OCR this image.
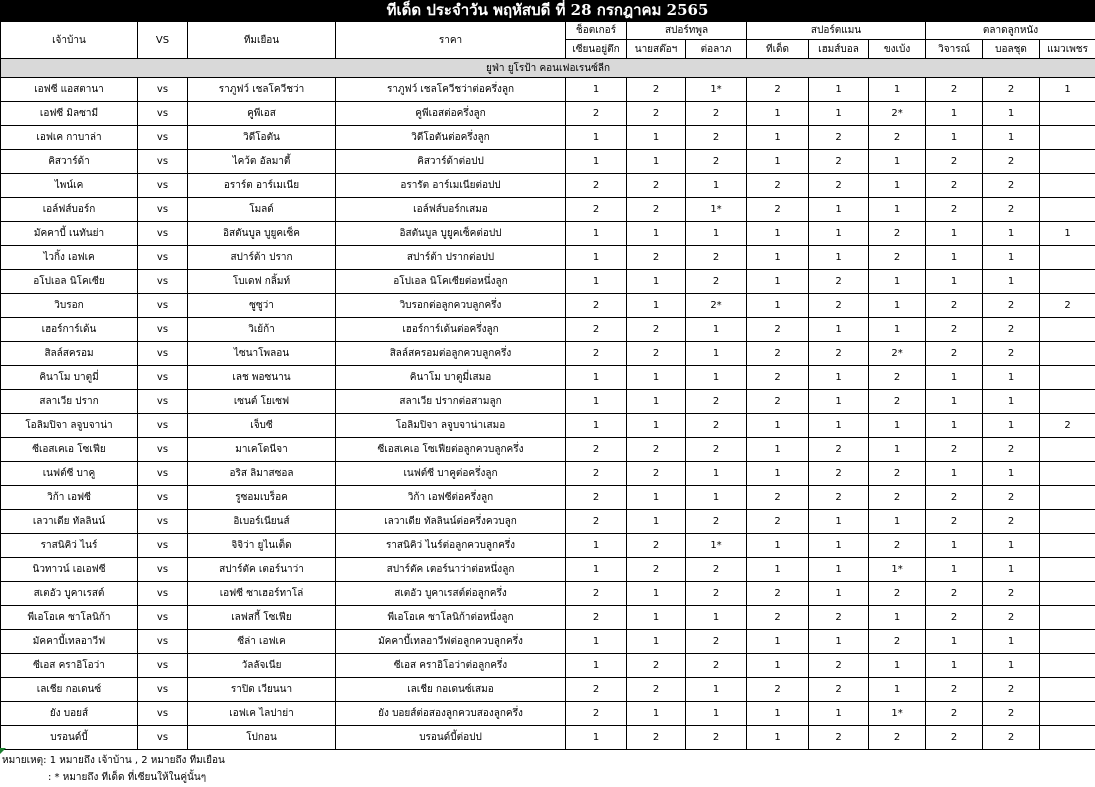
ทีเด็ด ประจำวัน พฤหัสบดี ที่ 28 กรกฎาคม 2565
เจ้าบ้าน	VS	ทีมเยือน	ราคา	ช็อตเกอร์	สปอร์ทพูล		สปอร์ตแมน			ตลาดลูกหนัง		
				เซียนอยู่ตึก	นายสต๊อฯ	ต่อลาภ	ทีเด็ด	เฮมส์บอล	ขงเบ้ง	วิจารณ์	บอลชุด	แมวเพชร
ยูฟ่า ยูโรป้า คอนเฟอเรนซ์ลีก												
เอฟซี แอสตานา	vs	ราภูฟว์ เชลโควีชว่า	ราภูฟว์ เชลโควีชว่าต่อครึ่งลูก	1	2	1*	2	1	1	2	2	1
เอฟซี มิลซามี	vs	คูพีเอส	คูพีเอสต่อครึ่งลูก	2	2	2	1	1	2*	1	1	
เอฟเค กาบาล่า	vs	วิดีโอตัน	วิดีโอตันต่อครึ่งลูก	1	1	2	1	2	2	1	1	
คิสวาร์ด้า	vs	ไคว้ต อัลมาตี้	คิสวาร์ด้าต่อปป	1	1	2	1	2	1	2	2	
ไพน์เค	vs	อราร์ต อาร์เมเนีย	อรารัต อาร์เมเนียต่อปป	2	2	1	2	2	1	2	2	
เอล์ฟส์บอร์ก	vs	โมลด์	เอล์ฟส์บอร์กเสมอ	2	2	1*	2	1	1	2	2	
มัคคาบี้ เนทันย่า	vs	อิสตันบูล บูยูคเซ็ค	อิสตันบูล บูยูคเซ็คต่อปป	1	1	1	1	1	2	1	1	1
ไวกิ้ง เอฟเค	vs	สปาร์ต้า ปราก	สปาร์ต้า ปรากต่อปป	1	2	2	1	1	2	1	1	
อโปเอล นิโคเซีย	vs	โบเดฟ กลิ้มท์	อโปเอล นิโคเซียต่อหนึ่งลูก	1	1	2	1	2	1	1	1	
วิบรอก	vs	ซูซูว่า	วิบรอกต่อลูกควบลูกครึ่ง	2	1	2*	1	2	1	2	2	2
เฮอร์การ์เด้น	vs	วิเย้ก้า	เฮอร์การ์เด้นต่อครึ่งลูก	2	2	1	2	1	1	2	2	
สิลล์สครอม	vs	ไซนาโพลอน	สิลล์สครอมต่อลูกควบลูกครึ่ง	2	2	1	2	2	2*	2	2	
คินาโม บาตูมี่	vs	เลช พอซนาน	คินาโม บาตูมี่เสมอ	1	1	1	2	1	2	1	1	
สลาเวีย ปราก	vs	เซนต์ โยเซฟ	สลาเวีย ปรากต่อสามลูก	1	1	2	2	1	2	1	1	
โอลิมปิจา ลจูบจาน่า	vs	เจ็บซี	โอลิมปิจา ลจูบจาน่าเสมอ	1	1	2	1	1	1	1	1	2
ซีเอสเคเอ โซเฟีย	vs	มาเคโดนีจา	ซีเอสเคเอ โซเฟียต่อลูกควบลูกครึ่ง	2	2	2	1	2	1	2	2	
เนฟต์ซี บาคู	vs	อริส ลิมาสซอล	เนฟต์ซี บาคูต่อครึ่งลูก	2	2	1	1	2	2	1	1	
วิก้า เอฟซี	vs	รูซอมเบร็อค	วิก้า เอฟซีต่อครึ่งลูก	2	1	1	2	2	2	2	2	
เลวาเดีย ทัลลินน์	vs	อิเบอร์เนียนส์	เลวาเดีย ทัลลินน์ต่อครึ่งควบลูก	2	1	2	2	1	1	2	2	
ราสนิคิว่ ไนร์	vs	จิจิว่า ยูไนเต็ด	ราสนิคิว่ ไนร์ต่อลูกควบลูกครึ่ง	1	2	1*	1	1	2	1	1	
นิวทาวน์ เอเอฟซี	vs	สปาร์ตัค เตอร์นาว่า	สปาร์ตัค เตอร์นาว่าต่อหนึ่งลูก	1	2	2	1	1	1*	1	1	
สเตอัว บูคาเรสต์	vs	เอฟซี ซาเฮอร์ทาโล่	สเตอัว บูคาเรสต์ต่อลูกครึ่ง	2	1	2	2	1	2	2	2	
พีเอโอเค ซาโลนิก้า	vs	เลฟสกี้ โซเฟีย	พีเอโอเค ซาโลนิก้าต่อหนึ่งลูก	2	1	1	2	2	1	2	2	
มัคคาบี้เทลอาวีฟ	vs	ซีล่า เอฟเค	มัคคาบี้เทลอาวีฟต่อลูกควบลูกครึ่ง	1	1	2	1	1	2	1	1	
ซีเอส คราอิโอว่า	vs	วัลลัจเนีย	ซีเอส คราอิโอว่าต่อลูกครึ่ง	1	2	2	1	2	1	1	1	
เลเชีย กอเดนซ์	vs	ราปิด เวียนนา	เลเชีย กอเดนซ์เสมอ	2	2	1	2	2	1	2	2	
ยัง บอยส์	vs	เอฟเค ไลปาย่า	ยัง บอยส์ต่อสองลูกควบสองลูกครึ่ง	2	1	1	1	1	1*	2	2	
บรอนด์บี้	vs	โปกอน	บรอนด์บี้ต่อปป	1	2	2	1	2	2	2	2	
หมายเหตุ: 1 หมายถึง เจ้าบ้าน , 2 หมายถึง ทีมเยือน
: * หมายถึง ทีเด็ด ที่เซียนให้ในคู่นั้นๆ
